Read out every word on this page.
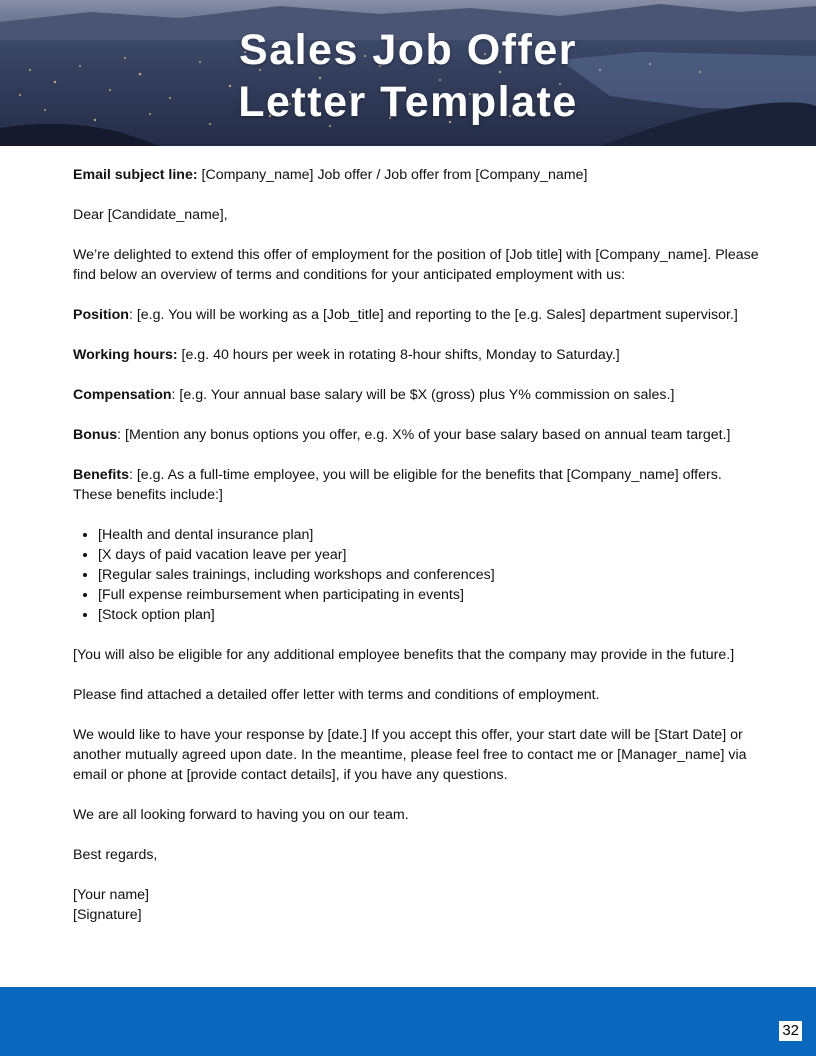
Sales Job Offer
Letter Template

Email subject line: [Company_name] Job offer / Job offer from [Company_name]

Dear [Candidate_name],

We’re delighted to extend this offer of employment for the position of [Job title] with [Company_name]. Please find below an overview of terms and conditions for your anticipated employment with us:

Position: [e.g. You will be working as a [Job_title] and reporting to the [e.g. Sales] department supervisor.]

Working hours: [e.g. 40 hours per week in rotating 8-hour shifts, Monday to Saturday.]

Compensation: [e.g. Your annual base salary will be $X (gross) plus Y% commission on sales.]

Bonus: [Mention any bonus options you offer, e.g. X% of your base salary based on annual team target.]

Benefits: [e.g. As a full-time employee, you will be eligible for the benefits that [Company_name] offers. These benefits include:]

• [Health and dental insurance plan]
• [X days of paid vacation leave per year]
• [Regular sales trainings, including workshops and conferences]
• [Full expense reimbursement when participating in events]
• [Stock option plan]

[You will also be eligible for any additional employee benefits that the company may provide in the future.]

Please find attached a detailed offer letter with terms and conditions of employment.

We would like to have your response by [date.] If you accept this offer, your start date will be [Start Date] or another mutually agreed upon date. In the meantime, please feel free to contact me or [Manager_name] via email or phone at [provide contact details], if you have any questions.

We are all looking forward to having you on our team.

Best regards,

[Your name]
[Signature]

32
